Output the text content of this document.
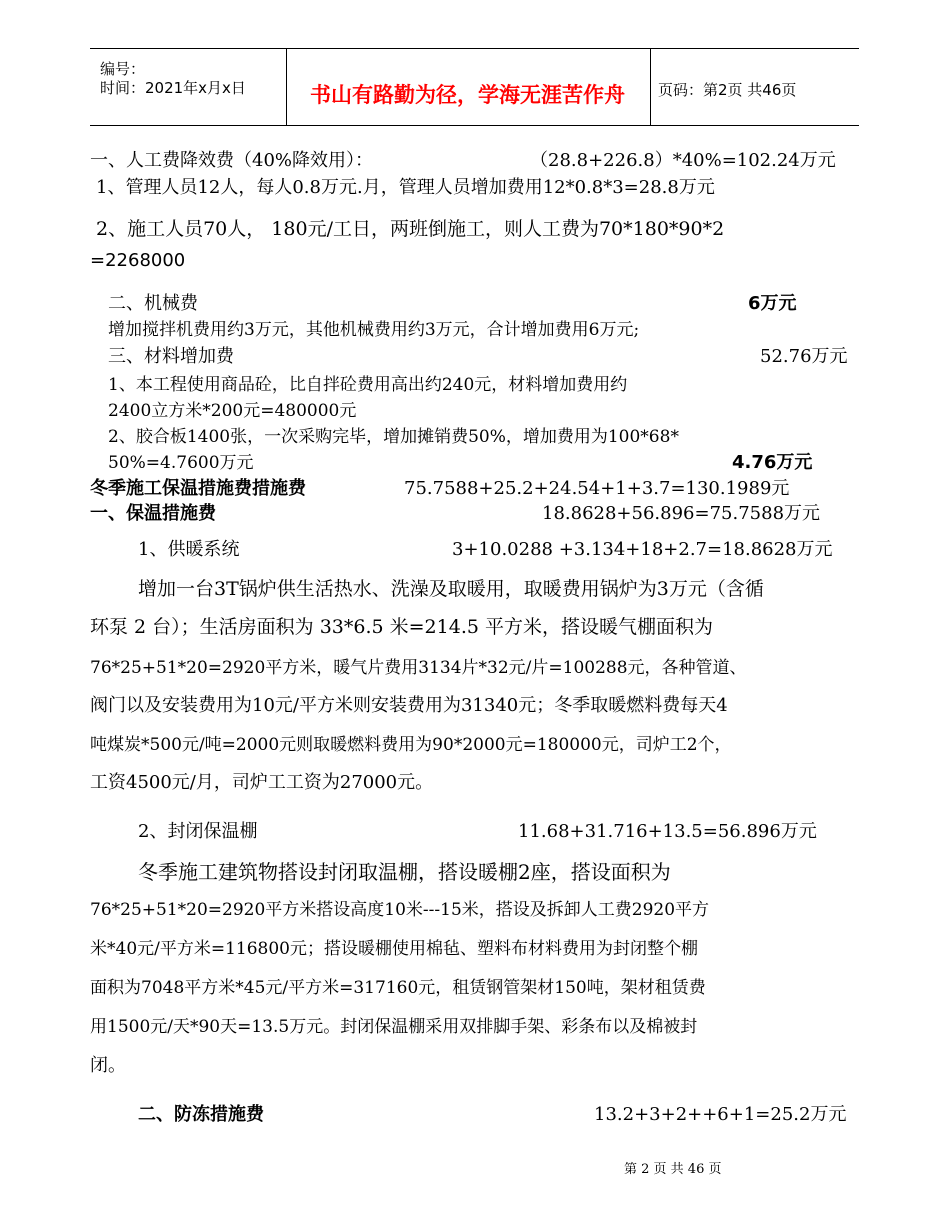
编号：
时间：2021年x月x日	书山有路勤为径，学海无涯苦作舟 页码：第2页 共46页
一、人工费降效费（40%降效用）：	（28.8+226.8）*40%=102.24万元
1、管理人员12人，每人0.8万元.月，管理人员增加费用12*0.8*3=28.8万元
2、施工人员70人， 180元/工日，两班倒施工，则人工费为70*180*90*2
=2268000
二、机械费	6万元
增加搅拌机费用约3万元，其他机械费用约3万元，合计增加费用6万元;
三、材料增加费	52.76万元
1、本工程使用商品砼，比自拌砼费用高出约240元，材料增加费用约
2400立方米*200元=480000元
2、胶合板1400张，一次采购完毕，增加摊销费50%，增加费用为100*68*
50%=4.7600万元	4.76万元
冬季施工保温措施费措施费	75.7588+25.2+24.54+1+3.7=130.1989元
一、保温措施费	18.8628+56.896=75.7588万元
1、供暖系统	3+10.0288 +3.134+18+2.7=18.8628万元
增加一台3T锅炉供生活热水、洗澡及取暖用，取暖费用锅炉为3万元（含循
环泵 2 台）；生活房面积为 33*6.5 米=214.5 平方米，搭设暖气棚面积为
76*25+51*20=2920平方米，暖气片费用3134片*32元/片=100288元，各种管道、
阀门以及安装费用为10元/平方米则安装费用为31340元；冬季取暖燃料费每天4
吨煤炭*500元/吨=2000元则取暖燃料费用为90*2000元=180000元，司炉工2个，
工资4500元/月，司炉工工资为27000元。
2、封闭保温棚	11.68+31.716+13.5=56.896万元
冬季施工建筑物搭设封闭取温棚，搭设暖棚2座，搭设面积为
76*25+51*20=2920平方米搭设高度10米---15米，搭设及拆卸人工费2920平方
米*40元/平方米=116800元；搭设暖棚使用棉毡、塑料布材料费用为封闭整个棚
面积为7048平方米*45元/平方米=317160元，租赁钢管架材150吨，架材租赁费
用1500元/天*90天=13.5万元。封闭保温棚采用双排脚手架、彩条布以及棉被封
闭。
二、防冻措施费	13.2+3+2++6+1=25.2万元
第 2 页 共 46 页
